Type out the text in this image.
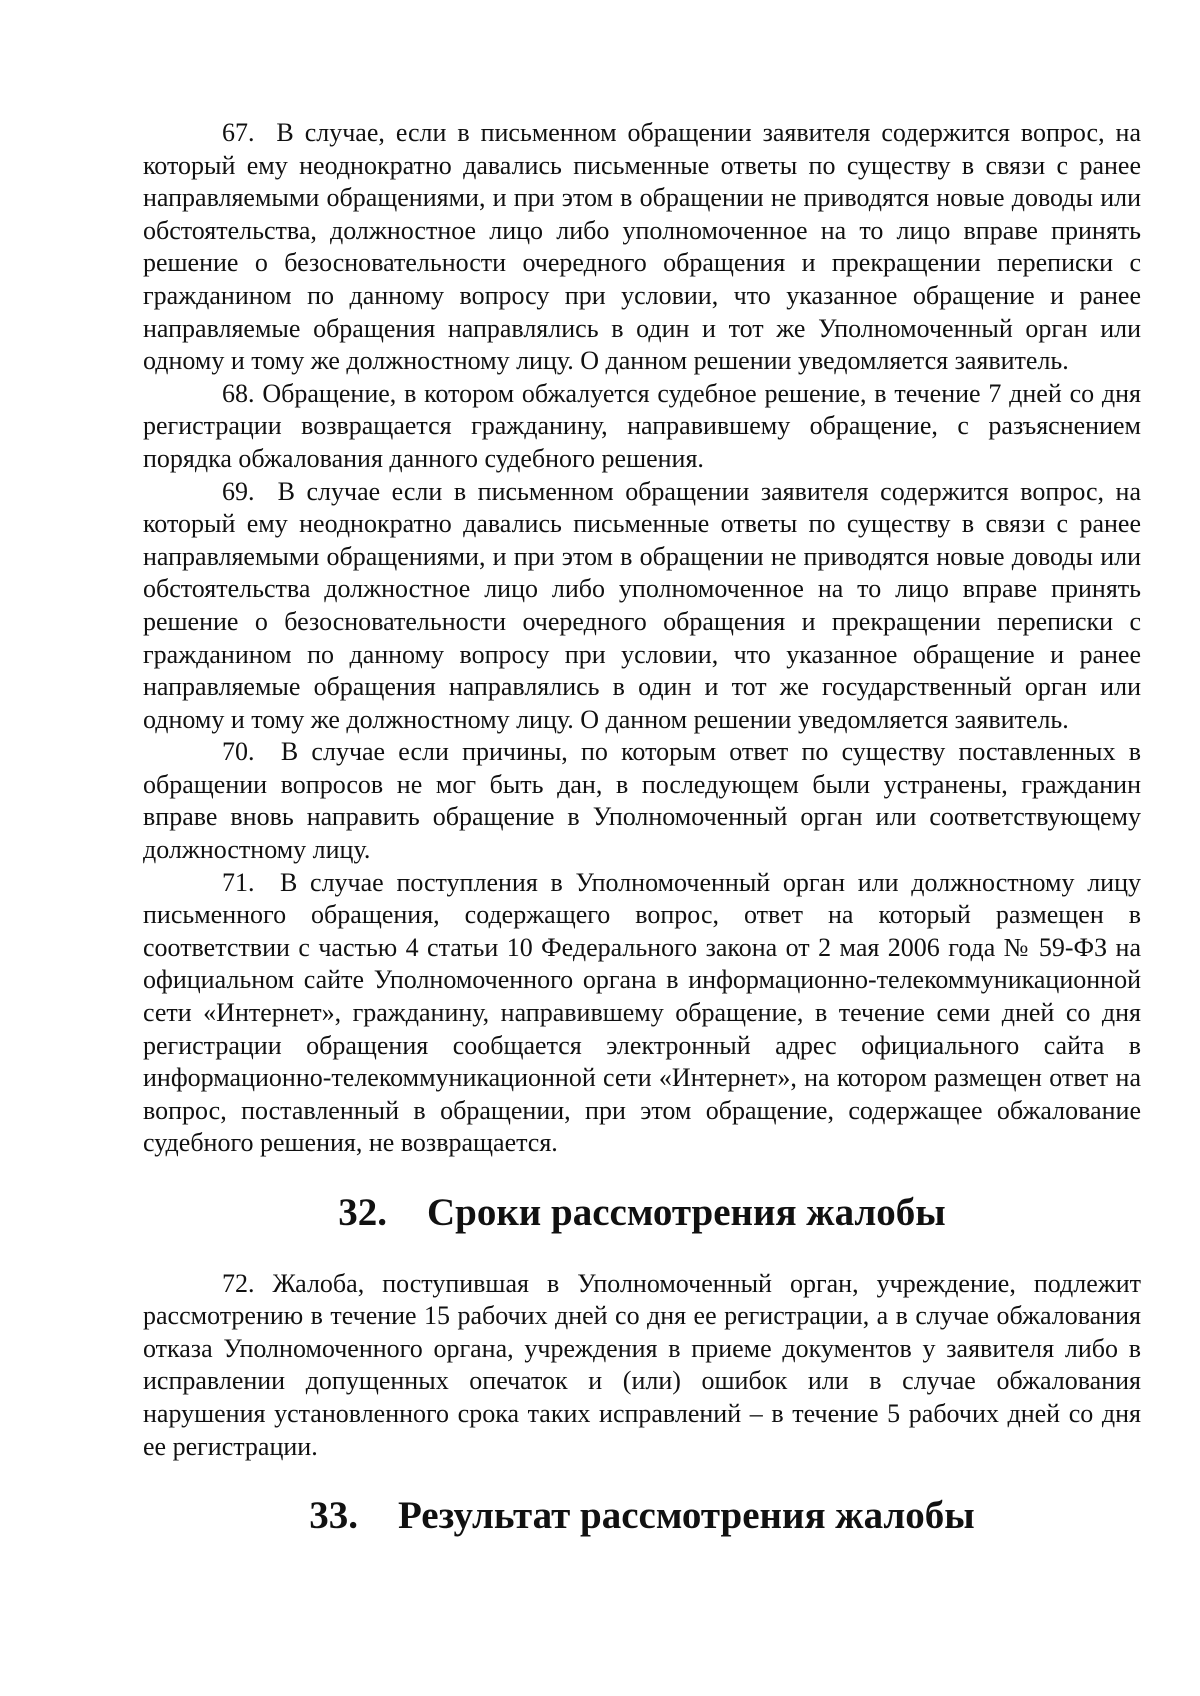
67. В случае, если в письменном обращении заявителя содержится вопрос, на который ему неоднократно давались письменные ответы по существу в связи с ранее направляемыми обращениями, и при этом в обращении не приводятся новые доводы или обстоятельства, должностное лицо либо уполномоченное на то лицо вправе принять решение о безосновательности очередного обращения и прекращении переписки с гражданином по данному вопросу при условии, что указанное обращение и ранее направляемые обращения направлялись в один и тот же Уполномоченный орган или одному и тому же должностному лицу. О данном решении уведомляется заявитель.

68. Обращение, в котором обжалуется судебное решение, в течение 7 дней со дня регистрации возвращается гражданину, направившему обращение, с разъяснением порядка обжалования данного судебного решения.

69. В случае если в письменном обращении заявителя содержится вопрос, на который ему неоднократно давались письменные ответы по существу в связи с ранее направляемыми обращениями, и при этом в обращении не приводятся новые доводы или обстоятельства должностное лицо либо уполномоченное на то лицо вправе принять решение о безосновательности очередного обращения и прекращении переписки с гражданином по данному вопросу при условии, что указанное обращение и ранее направляемые обращения направлялись в один и тот же государственный орган или одному и тому же должностному лицу. О данном решении уведомляется заявитель.

70. В случае если причины, по которым ответ по существу поставленных в обращении вопросов не мог быть дан, в последующем были устранены, гражданин вправе вновь направить обращение в Уполномоченный орган или соответствующему должностному лицу.

71. В случае поступления в Уполномоченный орган или должностному лицу письменного обращения, содержащего вопрос, ответ на который размещен в соответствии с частью 4 статьи 10 Федерального закона от 2 мая 2006 года № 59-ФЗ на официальном сайте Уполномоченного органа в информационно-телекоммуникационной сети «Интернет», гражданину, направившему обращение, в течение семи дней со дня регистрации обращения сообщается электронный адрес официального сайта в информационно-телекоммуникационной сети «Интернет», на котором размещен ответ на вопрос, поставленный в обращении, при этом обращение, содержащее обжалование судебного решения, не возвращается.

32. Сроки рассмотрения жалобы

72. Жалоба, поступившая в Уполномоченный орган, учреждение, подлежит рассмотрению в течение 15 рабочих дней со дня ее регистрации, а в случае обжалования отказа Уполномоченного органа, учреждения в приеме документов у заявителя либо в исправлении допущенных опечаток и (или) ошибок или в случае обжалования нарушения установленного срока таких исправлений – в течение 5 рабочих дней со дня ее регистрации.

33. Результат рассмотрения жалобы
